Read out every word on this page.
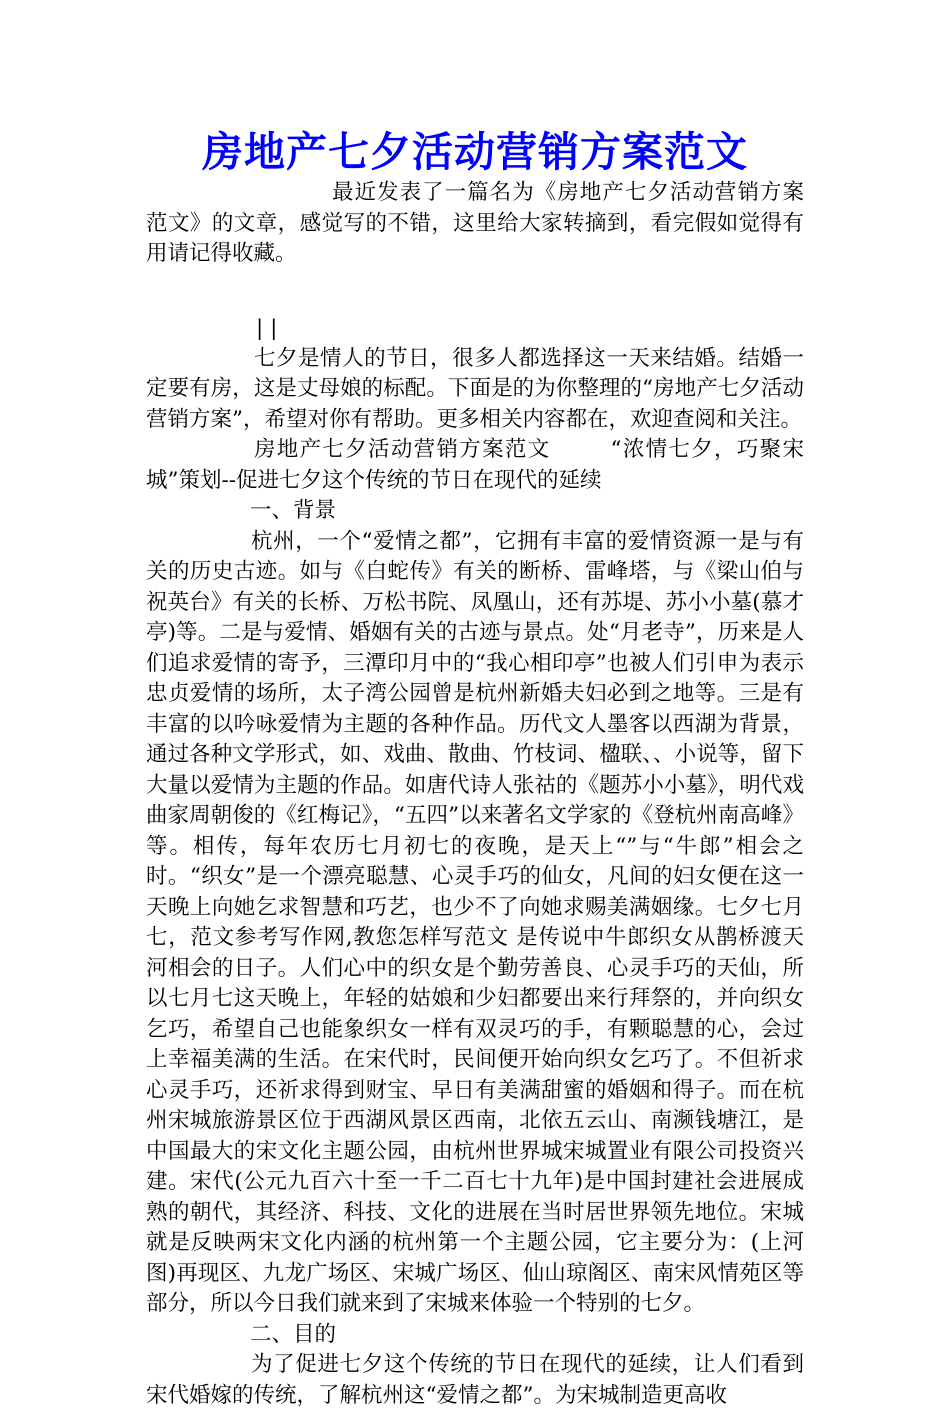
房地产七夕活动营销方案范文

最近发表了一篇名为《房地产七夕活动营销方案范文》的文章，感觉写的不错，这里给大家转摘到，看完假如觉得有用请记得收藏。

| |

七夕是情人的节日，很多人都选择这一天来结婚。结婚一定要有房，这是丈母娘的标配。下面是的为你整理的“房地产七夕活动营销方案”，希望对你有帮助。更多相关内容都在，欢迎查阅和关注。

房地产七夕活动营销方案范文	“浓情七夕，巧聚宋城”策划--促进七夕这个传统的节日在现代的延续

一、背景

杭州，一个“爱情之都”，它拥有丰富的爱情资源一是与有关的历史古迹。如与《白蛇传》有关的断桥、雷峰塔，与《梁山伯与祝英台》有关的长桥、万松书院、凤凰山，还有苏堤、苏小小墓(慕才亭)等。二是与爱情、婚姻有关的古迹与景点。处“月老寺”，历来是人们追求爱情的寄予，三潭印月中的“我心相印亭”也被人们引申为表示忠贞爱情的场所，太子湾公园曾是杭州新婚夫妇必到之地等。三是有丰富的以吟咏爱情为主题的各种作品。历代文人墨客以西湖为背景，通过各种文学形式，如、戏曲、散曲、竹枝词、楹联、、小说等，留下大量以爱情为主题的作品。如唐代诗人张祜的《题苏小小墓》，明代戏曲家周朝俊的《红梅记》，“五四”以来著名文学家的《登杭州南高峰》等。相传，每年农历七月初七的夜晚，是天上“”与“牛郎”相会之时。“织女”是一个漂亮聪慧、心灵手巧的仙女，凡间的妇女便在这一天晚上向她乞求智慧和巧艺，也少不了向她求赐美满姻缘。七夕七月七，范文参考写作网,教您怎样写范文 是传说中牛郎织女从鹊桥渡天河相会的日子。人们心中的织女是个勤劳善良、心灵手巧的天仙，所以七月七这天晚上，年轻的姑娘和少妇都要出来行拜祭的，并向织女乞巧，希望自己也能象织女一样有双灵巧的手，有颗聪慧的心，会过上幸福美满的生活。在宋代时，民间便开始向织女乞巧了。不但祈求心灵手巧，还祈求得到财宝、早日有美满甜蜜的婚姻和得子。而在杭州宋城旅游景区位于西湖风景区西南，北依五云山、南濒钱塘江，是中国最大的宋文化主题公园，由杭州世界城宋城置业有限公司投资兴建。宋代(公元九百六十至一千二百七十九年)是中国封建社会进展成熟的朝代，其经济、科技、文化的进展在当时居世界领先地位。宋城就是反映两宋文化内涵的杭州第一个主题公园，它主要分为：(上河图)再现区、九龙广场区、宋城广场区、仙山琼阁区、南宋风情苑区等部分，所以今日我们就来到了宋城来体验一个特别的七夕。

二、目的

为了促进七夕这个传统的节日在现代的延续，让人们看到宋代婚嫁的传统，了解杭州这“爱情之都”。为宋城制造更高收
